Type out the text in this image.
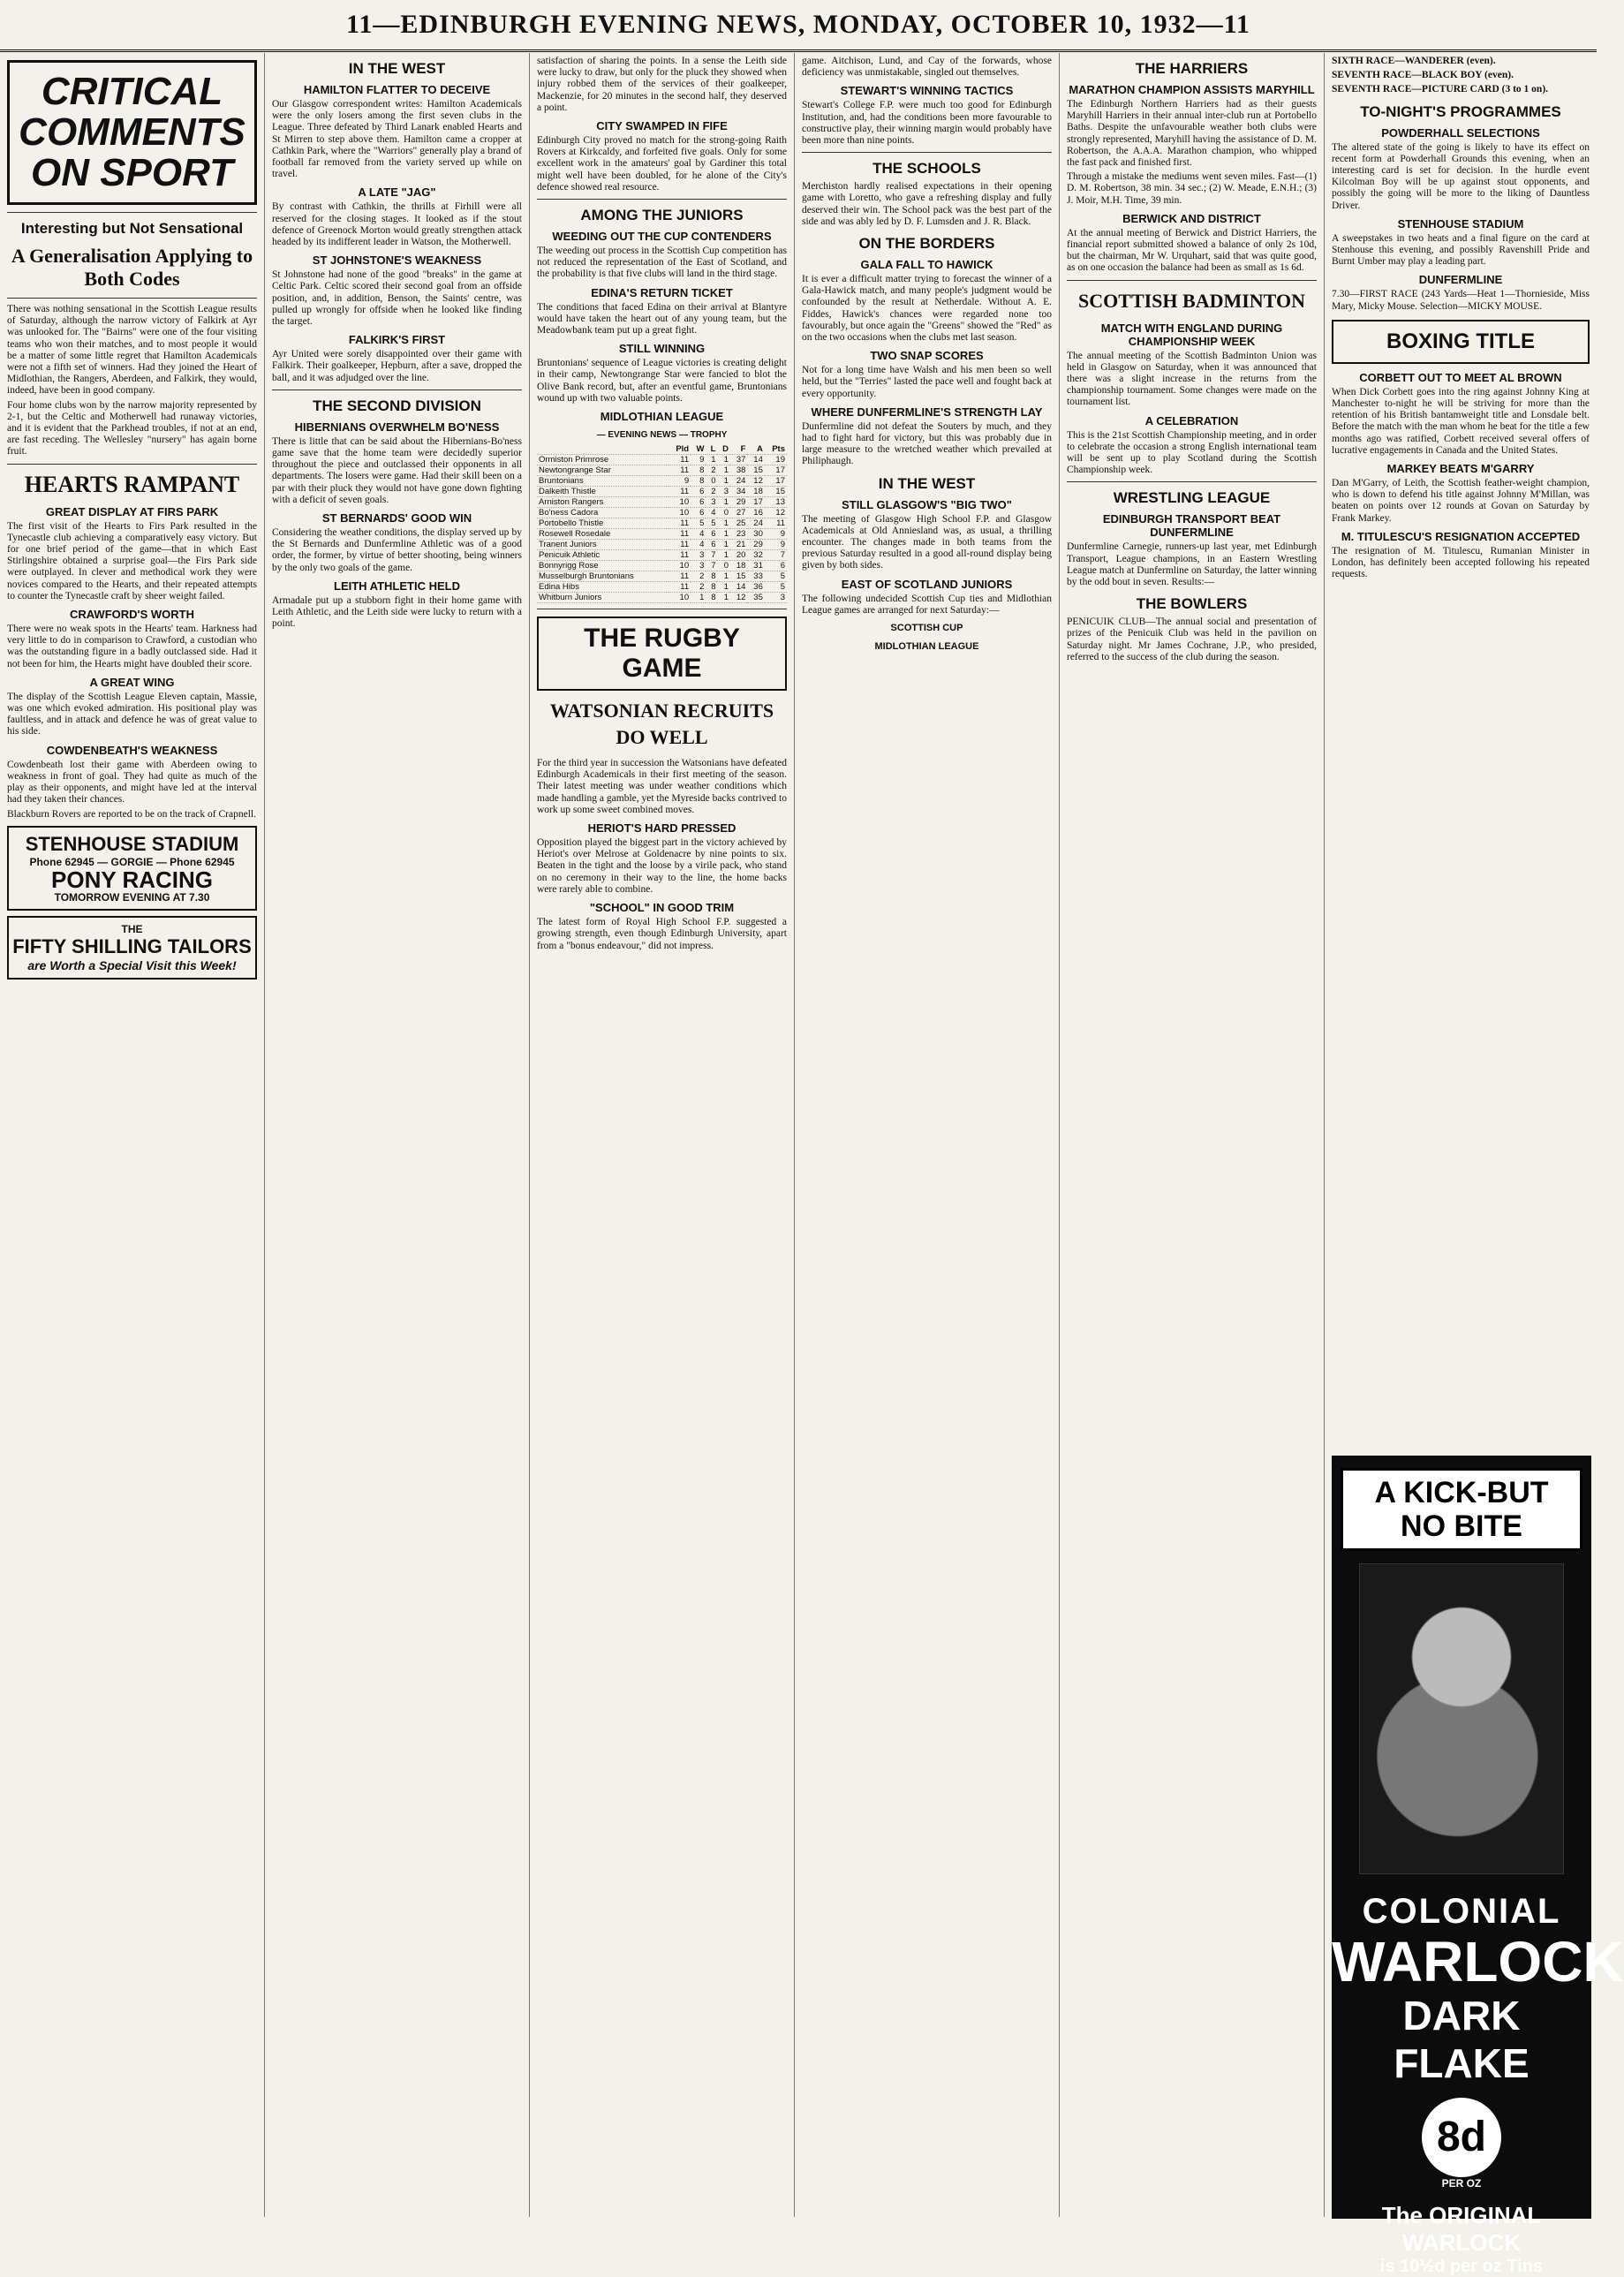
11—EDINBURGH EVENING NEWS, MONDAY, OCTOBER 10, 1932—11
CRITICAL COMMENTS
ON SPORT
Interesting but Not Sensational
A Generalisation Applying to Both Codes

There was nothing sensational in the Scottish League results of Saturday, although the narrow victory of Falkirk at Ayr was unlooked for. The "Bairns" were one of the four visiting teams who won their matches, and to most people it would be a matter of some little regret that Hamilton Academicals were not a fifth set of winners. Had they joined the Heart of Midlothian, the Rangers, Aberdeen, and Falkirk, they would, indeed, have been in good company.

Four home clubs won by the narrow majority represented by 2-1, but the Celtic and Motherwell had runaway victories, and it is evident that the Parkhead troubles, if not at an end, are fast receding. The Wellesley "nursery" has again borne fruit.

HEARTS RAMPANT
GREAT DISPLAY AT FIRS PARK

The first visit of the Hearts to Firs Park resulted in the Tynecastle club achieving a comparatively easy victory. But for one brief period of the game—that in which East Stirlingshire obtained a surprise goal—the Firs Park side were outplayed. In clever and methodical work they were novices compared to the Hearts, and their repeated attempts to counter the Tynecastle craft by sheer weight failed.

CRAWFORD'S WORTH

There were no weak spots in the Hearts' team. Harkness had very little to do in comparison to Crawford, a custodian who was the outstanding figure in a badly outclassed side. Had it not been for him, the Hearts might have doubled their score.

A GREAT WING

The display of the Scottish League Eleven captain, Massie, was one which evoked admiration. His positional play was faultless, and in attack and defence he was of great value to his side.

COWDENBEATH'S WEAKNESS

Cowdenbeath lost their game with Aberdeen owing to weakness in front of goal. They had quite as much of the play as their opponents, and might have led at the interval had they taken their chances.

Blackburn Rovers are reported to be on the track of Crapnell.

STENHOUSE STADIUM
Phone 62945 — GORGIE — Phone 62945
PONY RACING
TOMORROW EVENING AT 7.30
THE
FIFTY SHILLING TAILORS
are Worth a Special Visit this Week!
IN THE WEST
HAMILTON FLATTER TO DECEIVE

Our Glasgow correspondent writes: Hamilton Academicals were the only losers among the first seven clubs in the League. Three defeated by Third Lanark enabled Hearts and St Mirren to step above them. Hamilton came a cropper at Cathkin Park, where the "Warriors" generally play a brand of football far removed from the variety served up while on travel.

A LATE "JAG"

By contrast with Cathkin, the thrills at Firhill were all reserved for the closing stages. It looked as if the stout defence of Greenock Morton would greatly strengthen attack headed by its indifferent leader in Watson, the Motherwell.

ST JOHNSTONE'S WEAKNESS

St Johnstone had none of the good "breaks" in the game at Celtic Park. Celtic scored their second goal from an offside position, and, in addition, Benson, the Saints' centre, was pulled up wrongly for offside when he looked like finding the target.

FALKIRK'S FIRST

Ayr United were sorely disappointed over their game with Falkirk. Their goalkeeper, Hepburn, after a save, dropped the ball, and it was adjudged over the line.

THE SECOND DIVISION
HIBERNIANS OVERWHELM BO'NESS

There is little that can be said about the Hibernians-Bo'ness game save that the home team were decidedly superior throughout the piece and outclassed their opponents in all departments. The losers were game. Had their skill been on a par with their pluck they would not have gone down fighting with a deficit of seven goals.

ST BERNARDS' GOOD WIN

Considering the weather conditions, the display served up by the St Bernards and Dunfermline Athletic was of a good order, the former, by virtue of better shooting, being winners by the only two goals of the game.

LEITH ATHLETIC HELD

Armadale put up a stubborn fight in their home game with Leith Athletic, and the Leith side were lucky to return with a point.

satisfaction of sharing the points. In a sense the Leith side were lucky to draw, but only for the pluck they showed when injury robbed them of the services of their goalkeeper, Mackenzie, for 20 minutes in the second half, they deserved a point.

CITY SWAMPED IN FIFE

Edinburgh City proved no match for the strong-going Raith Rovers at Kirkcaldy, and forfeited five goals. Only for some excellent work in the amateurs' goal by Gardiner this total might well have been doubled, for he alone of the City's defence showed real resource.

AMONG THE JUNIORS
WEEDING OUT THE CUP CONTENDERS

The weeding out process in the Scottish Cup competition has not reduced the representation of the East of Scotland, and the probability is that five clubs will land in the third stage.

EDINA'S RETURN TICKET

The conditions that faced Edina on their arrival at Blantyre would have taken the heart out of any young team, but the Meadowbank team put up a great fight.

STILL WINNING

Bruntonians' sequence of League victories is creating delight in their camp, Newtongrange Star were fancied to blot the Olive Bank record, but, after an eventful game, Bruntonians wound up with two valuable points.

MIDLOTHIAN LEAGUE
— EVENING NEWS — TROPHY
	Pld	W	L	D	F	A	Pts
Ormiston Primrose	11	9	1	1	37	14	19
Newtongrange Star	11	8	2	1	38	15	17
Bruntonians	9	8	0	1	24	12	17
Dalkeith Thistle	11	6	2	3	34	18	15
Arniston Rangers	10	6	3	1	29	17	13
Bo'ness Cadora	10	6	4	0	27	16	12
Portobello Thistle	11	5	5	1	25	24	11
Rosewell Rosedale	11	4	6	1	23	30	9
Tranent Juniors	11	4	6	1	21	29	9
Penicuik Athletic	11	3	7	1	20	32	7
Bonnyrigg Rose	10	3	7	0	18	31	6
Musselburgh Bruntonians	11	2	8	1	15	33	5
Edina Hibs	11	2	8	1	14	36	5
Whitburn Juniors	10	1	8	1	12	35	3
THE RUGBY GAME
WATSONIAN RECRUITS DO WELL

For the third year in succession the Watsonians have defeated Edinburgh Academicals in their first meeting of the season. Their latest meeting was under weather conditions which made handling a gamble, yet the Myreside backs contrived to work up some sweet combined moves.

HERIOT'S HARD PRESSED

Opposition played the biggest part in the victory achieved by Heriot's over Melrose at Goldenacre by nine points to six. Beaten in the tight and the loose by a virile pack, who stand on no ceremony in their way to the line, the home backs were rarely able to combine.

"SCHOOL" IN GOOD TRIM

The latest form of Royal High School F.P. suggested a growing strength, even though Edinburgh University, apart from a "bonus endeavour," did not impress.

game. Aitchison, Lund, and Cay of the forwards, whose deficiency was unmistakable, singled out themselves.

STEWART'S WINNING TACTICS

Stewart's College F.P. were much too good for Edinburgh Institution, and, had the conditions been more favourable to constructive play, their winning margin would probably have been more than nine points.

THE SCHOOLS

Merchiston hardly realised expectations in their opening game with Loretto, who gave a refreshing display and fully deserved their win. The School pack was the best part of the side and was ably led by D. F. Lumsden and J. R. Black.

ON THE BORDERS
GALA FALL TO HAWICK

It is ever a difficult matter trying to forecast the winner of a Gala-Hawick match, and many people's judgment would be confounded by the result at Netherdale. Without A. E. Fiddes, Hawick's chances were regarded none too favourably, but once again the "Greens" showed the "Red" as on the two occasions when the clubs met last season.

TWO SNAP SCORES

Not for a long time have Walsh and his men been so well held, but the "Terries" lasted the pace well and fought back at every opportunity.

WHERE DUNFERMLINE'S STRENGTH LAY

Dunfermline did not defeat the Souters by much, and they had to fight hard for victory, but this was probably due in large measure to the wretched weather which prevailed at Philiphaugh.

IN THE WEST
STILL GLASGOW'S "BIG TWO"

The meeting of Glasgow High School F.P. and Glasgow Academicals at Old Anniesland was, as usual, a thrilling encounter. The changes made in both teams from the previous Saturday resulted in a good all-round display being given by both sides.

EAST OF SCOTLAND JUNIORS

The following undecided Scottish Cup ties and Midlothian League games are arranged for next Saturday:—

SCOTTISH CUP
MIDLOTHIAN LEAGUE
THE HARRIERS
MARATHON CHAMPION ASSISTS MARYHILL

The Edinburgh Northern Harriers had as their guests Maryhill Harriers in their annual inter-club run at Portobello Baths. Despite the unfavourable weather both clubs were strongly represented, Maryhill having the assistance of D. M. Robertson, the A.A.A. Marathon champion, who whipped the fast pack and finished first.

Through a mistake the mediums went seven miles. Fast—(1) D. M. Robertson, 38 min. 34 sec.; (2) W. Meade, E.N.H.; (3) J. Moir, M.H. Time, 39 min.

BERWICK AND DISTRICT

At the annual meeting of Berwick and District Harriers, the financial report submitted showed a balance of only 2s 10d, but the chairman, Mr W. Urquhart, said that was quite good, as on one occasion the balance had been as small as 1s 6d.

SCOTTISH BADMINTON
MATCH WITH ENGLAND DURING CHAMPIONSHIP WEEK

The annual meeting of the Scottish Badminton Union was held in Glasgow on Saturday, when it was announced that there was a slight increase in the returns from the championship tournament. Some changes were made on the tournament list.

A CELEBRATION

This is the 21st Scottish Championship meeting, and in order to celebrate the occasion a strong English international team will be sent up to play Scotland during the Scottish Championship week.

WRESTLING LEAGUE
EDINBURGH TRANSPORT BEAT DUNFERMLINE

Dunfermline Carnegie, runners-up last year, met Edinburgh Transport, League champions, in an Eastern Wrestling League match at Dunfermline on Saturday, the latter winning by the odd bout in seven. Results:—

THE BOWLERS

PENICUIK CLUB—The annual social and presentation of prizes of the Penicuik Club was held in the pavilion on Saturday night. Mr James Cochrane, J.P., who presided, referred to the success of the club during the season.

SIXTH RACE—WANDERER (even).

SEVENTH RACE—BLACK BOY (even).

SEVENTH RACE—PICTURE CARD (3 to 1 on).

TO-NIGHT'S PROGRAMMES
POWDERHALL SELECTIONS

The altered state of the going is likely to have its effect on recent form at Powderhall Grounds this evening, when an interesting card is set for decision. In the hurdle event Kilcolman Boy will be up against stout opponents, and possibly the going will be more to the liking of Dauntless Driver.

STENHOUSE STADIUM

A sweepstakes in two heats and a final figure on the card at Stenhouse this evening, and possibly Ravenshill Pride and Burnt Umber may play a leading part.

DUNFERMLINE

7.30—FIRST RACE (243 Yards—Heat 1—Thornieside, Miss Mary, Micky Mouse. Selection—MICKY MOUSE.

BOXING TITLE
CORBETT OUT TO MEET AL BROWN

When Dick Corbett goes into the ring against Johnny King at Manchester to-night he will be striving for more than the retention of his British bantamweight title and Lonsdale belt. Before the match with the man whom he beat for the title a few months ago was ratified, Corbett received several offers of lucrative engagements in Canada and the United States.

MARKEY BEATS M'GARRY

Dan M'Garry, of Leith, the Scottish feather-weight champion, who is down to defend his title against Johnny M'Millan, was beaten on points over 12 rounds at Govan on Saturday by Frank Markey.

M. TITULESCU'S RESIGNATION ACCEPTED

The resignation of M. Titulescu, Rumanian Minister in London, has definitely been accepted following his repeated requests.

A KICK-BUT NO BITE
COLONIAL
WARLOCK
DARK FLAKE
8d
PER OZ
The ORIGINAL WARLOCK
is 10½d per oz Tins
